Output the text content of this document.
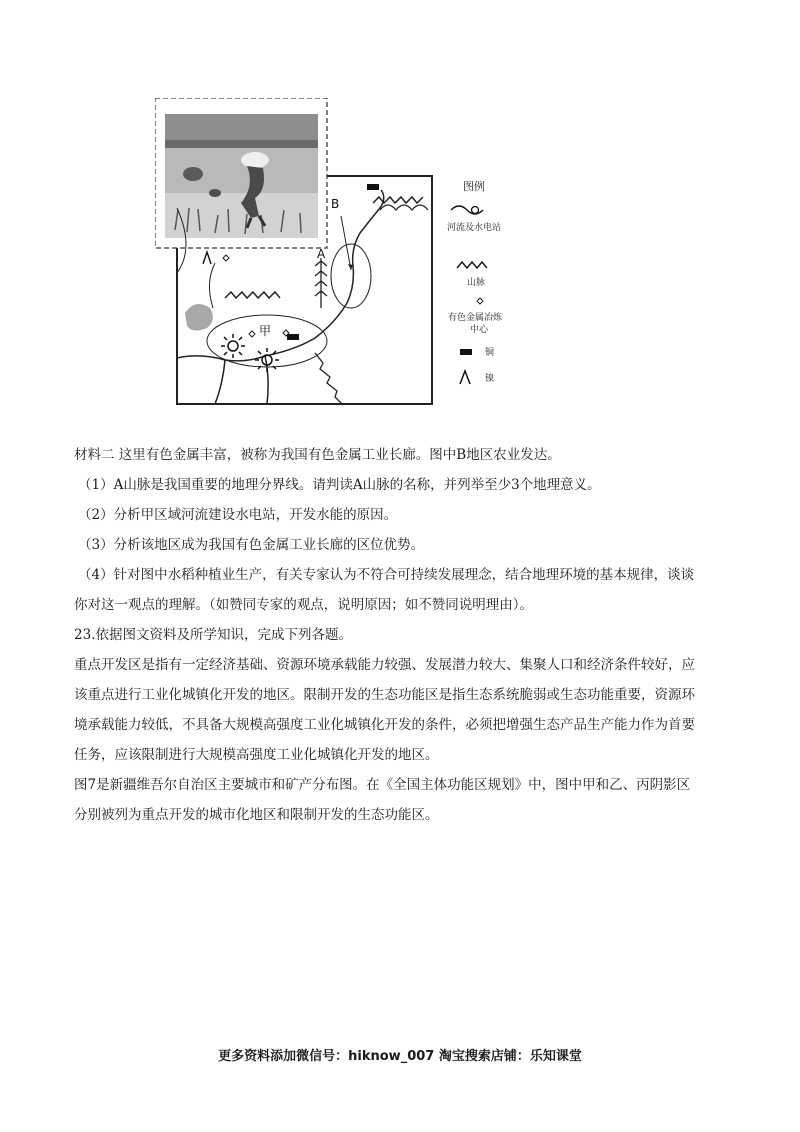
B
A
甲
图例
河流及水电站
山脉
有色金属冶炼
中心
铜
镍
材料二 这里有色金属丰富，被称为我国有色金属工业长廊。图中B地区农业发达。
（1）A山脉是我国重要的地理分界线。请判读A山脉的名称，并列举至少3个地理意义。
（2）分析甲区域河流建设水电站，开发水能的原因。
（3）分析该地区成为我国有色金属工业长廊的区位优势。
（4）针对图中水稻种植业生产，有关专家认为不符合可持续发展理念，结合地理环境的基本规律，谈谈
你对这一观点的理解。（如赞同专家的观点，说明原因；如不赞同说明理由）。
23.依据图文资料及所学知识，完成下列各题。
重点开发区是指有一定经济基础、资源环境承载能力较强、发展潜力较大、集聚人口和经济条件较好，应
该重点进行工业化城镇化开发的地区。限制开发的生态功能区是指生态系统脆弱或生态功能重要，资源环
境承载能力较低，不具备大规模高强度工业化城镇化开发的条件，必须把增强生态产品生产能力作为首要
任务，应该限制进行大规模高强度工业化城镇化开发的地区。
图7是新疆维吾尔自治区主要城市和矿产分布图。在《全国主体功能区规划》中，图中甲和乙、丙阴影区
分别被列为重点开发的城市化地区和限制开发的生态功能区。
更多资料添加微信号：hiknow_007 淘宝搜索店铺：乐知课堂
